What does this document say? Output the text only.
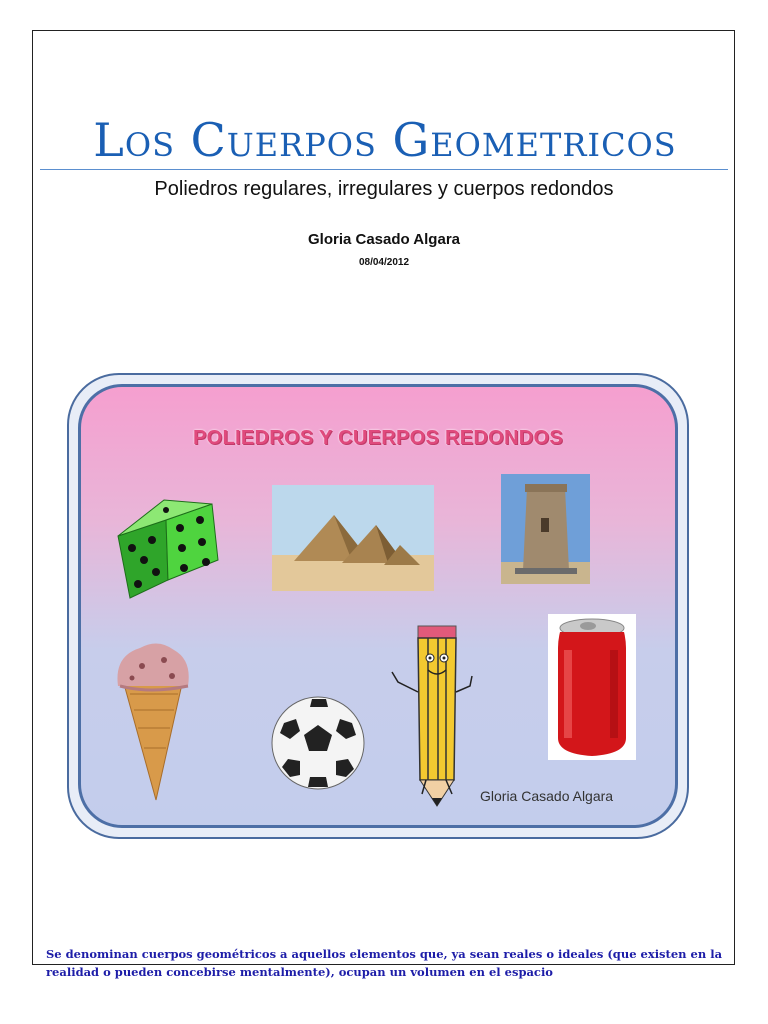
Los Cuerpos Geometricos
Poliedros regulares, irregulares y cuerpos redondos
Gloria Casado Algara
08/04/2012
POLIEDROS Y CUERPOS REDONDOS
Gloria Casado Algara
Se denominan cuerpos geométricos a aquellos elementos que, ya sean reales o ideales (que existen en la realidad o pueden concebirse mentalmente), ocupan un volumen en el espacio
